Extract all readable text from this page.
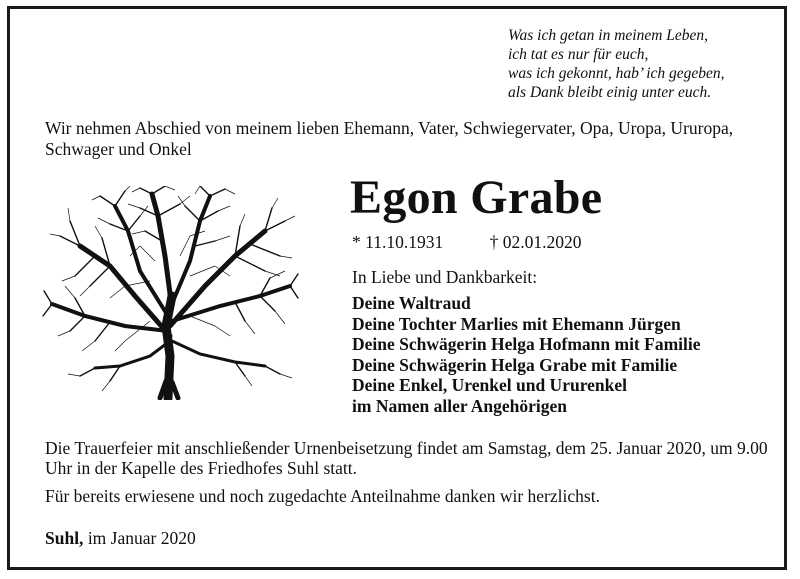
Was ich getan in meinem Leben,
ich tat es nur für euch,
was ich gekonnt, hab’ ich gegeben,
als Dank bleibt einig unter euch.
Wir nehmen Abschied von meinem lieben Ehemann, Vater, Schwiegervater, Opa, Uropa, Ururopa, Schwager und Onkel
Egon Grabe
* 11.10.1931	† 02.01.2020
In Liebe und Dankbarkeit:
Deine Waltraud
Deine Tochter Marlies mit Ehemann Jürgen
Deine Schwägerin Helga Hofmann mit Familie
Deine Schwägerin Helga Grabe mit Familie
Deine Enkel, Urenkel und Ururenkel
im Namen aller Angehörigen
Die Trauerfeier mit anschließender Urnenbeisetzung findet am Samstag, dem 25. Januar 2020, um 9.00 Uhr in der Kapelle des Friedhofes Suhl statt.
Für bereits erwiesene und noch zugedachte Anteilnahme danken wir herzlichst.
Suhl, im Januar 2020
